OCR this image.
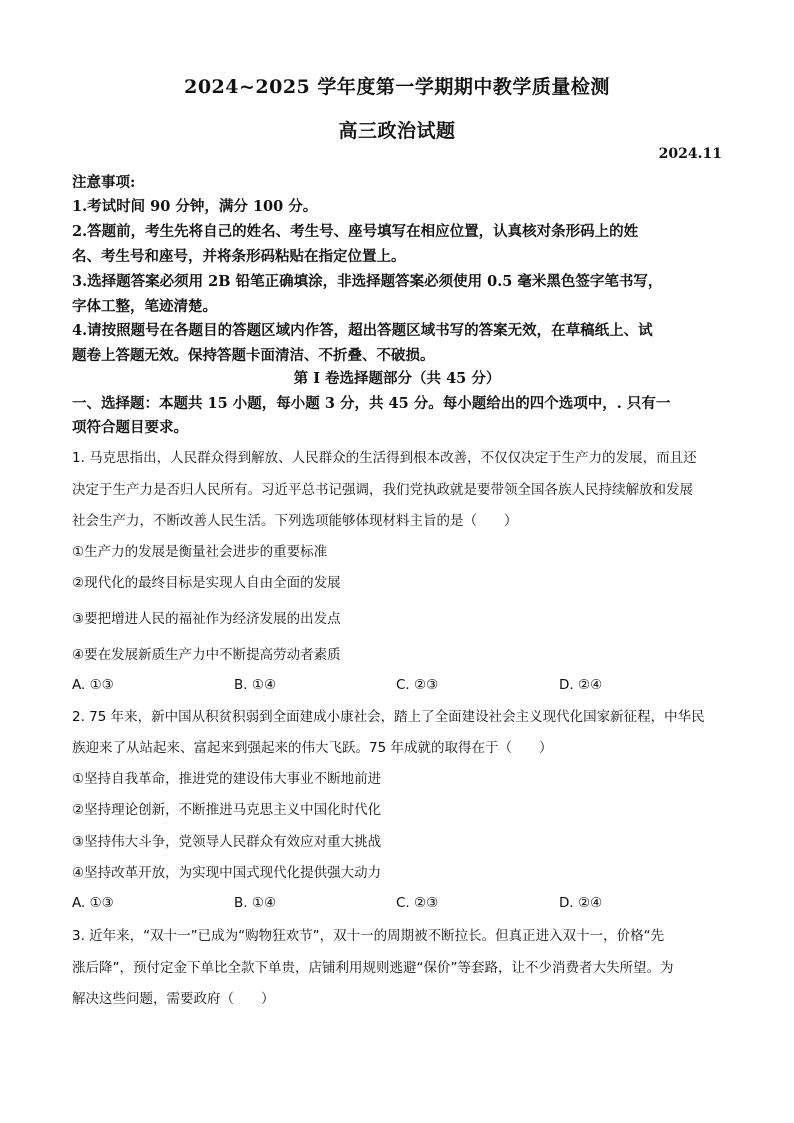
2024~2025 学年度第一学期期中教学质量检测
高三政治试题
2024.11
注意事项:
1.考试时间 90 分钟，满分 100 分。
2.答题前，考生先将自己的姓名、考生号、座号填写在相应位置，认真核对条形码上的姓
名、考生号和座号，并将条形码粘贴在指定位置上。
3.选择题答案必须用 2B 铅笔正确填涂，非选择题答案必须使用 0.5 毫米黑色签字笔书写，
字体工整，笔迹清楚。
4.请按照题号在各题目的答题区域内作答，超出答题区域书写的答案无效，在草稿纸上、试
题卷上答题无效。保持答题卡面清洁、不折叠、不破损。
第 I 卷选择题部分（共 45 分）
一、选择题：本题共 15 小题，每小题 3 分，共 45 分。每小题给出的四个选项中，. 只有一
项符合题目要求。
1. 马克思指出，人民群众得到解放、人民群众的生活得到根本改善，不仅仅决定于生产力的发展，而且还
决定于生产力是否归人民所有。习近平总书记强调，我们党执政就是要带领全国各族人民持续解放和发展
社会生产力，不断改善人民生活。下列选项能够体现材料主旨的是（　　）
①生产力的发展是衡量社会进步的重要标准
②现代化的最终目标是实现人自由全面的发展
③要把增进人民的福祉作为经济发展的出发点
④要在发展新质生产力中不断提高劳动者素质
A. ①③	B. ①④	C. ②③	D. ②④
2. 75 年来，新中国从积贫积弱到全面建成小康社会，踏上了全面建设社会主义现代化国家新征程，中华民
族迎来了从站起来、富起来到强起来的伟大飞跃。75 年成就的取得在于（　　）
①坚持自我革命，推进党的建设伟大事业不断地前进
②坚持理论创新，不断推进马克思主义中国化时代化
③坚持伟大斗争，党领导人民群众有效应对重大挑战
④坚持改革开放，为实现中国式现代化提供强大动力
A. ①③	B. ①④	C. ②③	D. ②④
3. 近年来，“双十一”已成为“购物狂欢节”，双十一的周期被不断拉长。但真正进入双十一，价格“先
涨后降”，预付定金下单比全款下单贵，店铺利用规则逃避“保价”等套路，让不少消费者大失所望。为
解决这些问题，需要政府（　　）
